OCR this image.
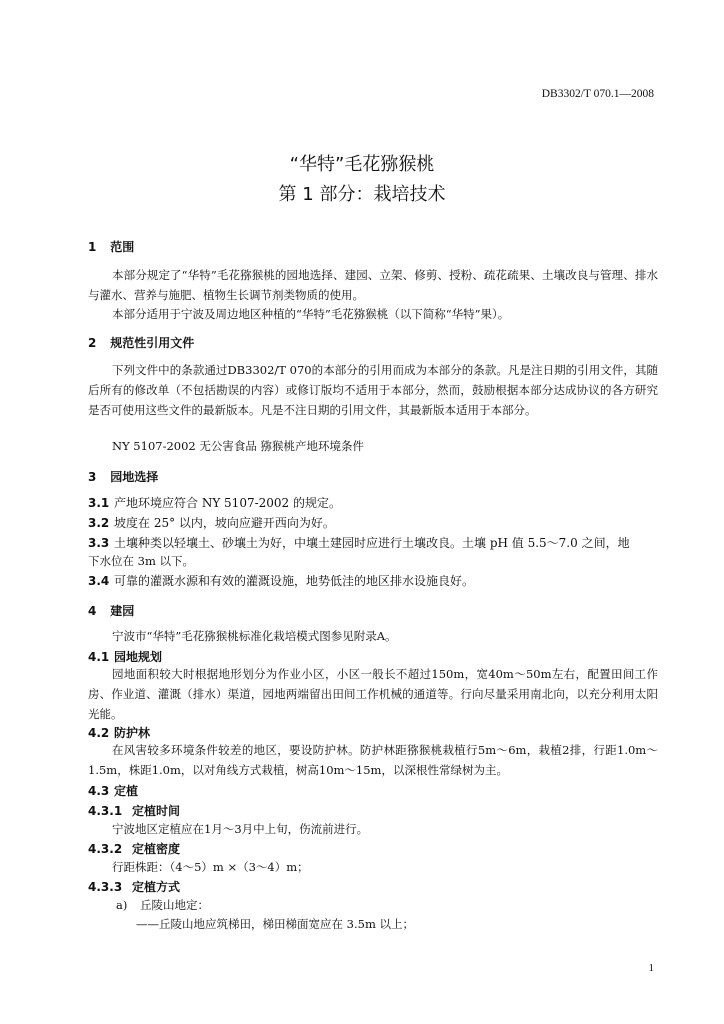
DB3302/T 070.1—2008
“华特”毛花猕猴桃
第 1 部分：栽培技术
1 范围
本部分规定了“华特”毛花猕猴桃的园地选择、建园、立架、修剪、授粉、疏花疏果、土壤改良与管理、排水与灌水、营养与施肥、植物生长调节剂类物质的使用。
本部分适用于宁波及周边地区种植的“华特”毛花猕猴桃（以下简称“华特”果）。
2 规范性引用文件
下列文件中的条款通过DB3302/T 070的本部分的引用而成为本部分的条款。凡是注日期的引用文件，其随后所有的修改单（不包括勘误的内容）或修订版均不适用于本部分，然而，鼓励根据本部分达成协议的各方研究是否可使用这些文件的最新版本。凡是不注日期的引用文件，其最新版本适用于本部分。
NY 5107-2002 无公害食品 猕猴桃产地环境条件
3 园地选择
3.1 产地环境应符合 NY 5107-2002 的规定。
3.2 坡度在 25° 以内，坡向应避开西向为好。
3.3 土壤种类以轻壤土、砂壤土为好，中壤土建园时应进行土壤改良。土壤 pH 值 5.5～7.0 之间，地
下水位在 3m 以下。
3.4 可靠的灌溉水源和有效的灌溉设施，地势低洼的地区排水设施良好。
4 建园
宁波市“华特”毛花猕猴桃标准化栽培模式图参见附录A。
4.1 园地规划
园地面积较大时根据地形划分为作业小区，小区一般长不超过150m，宽40m～50m左右，配置田间工作房、作业道、灌溉（排水）渠道，园地两端留出田间工作机械的通道等。行向尽量采用南北向，以充分利用太阳光能。
4.2 防护林
在风害较多环境条件较差的地区，要设防护林。防护林距猕猴桃栽植行5m～6m，栽植2排，行距1.0m～1.5m，株距1.0m，以对角线方式栽植，树高10m～15m，以深根性常绿树为主。
4.3 定植
4.3.1 定植时间
宁波地区定植应在1月～3月中上旬，伤流前进行。
4.3.2 定植密度
行距株距：（4～5）m ×（3～4）m；
4.3.3 定植方式
a) 丘陵山地定：
——丘陵山地应筑梯田，梯田梯面宽应在 3.5m 以上；
1
